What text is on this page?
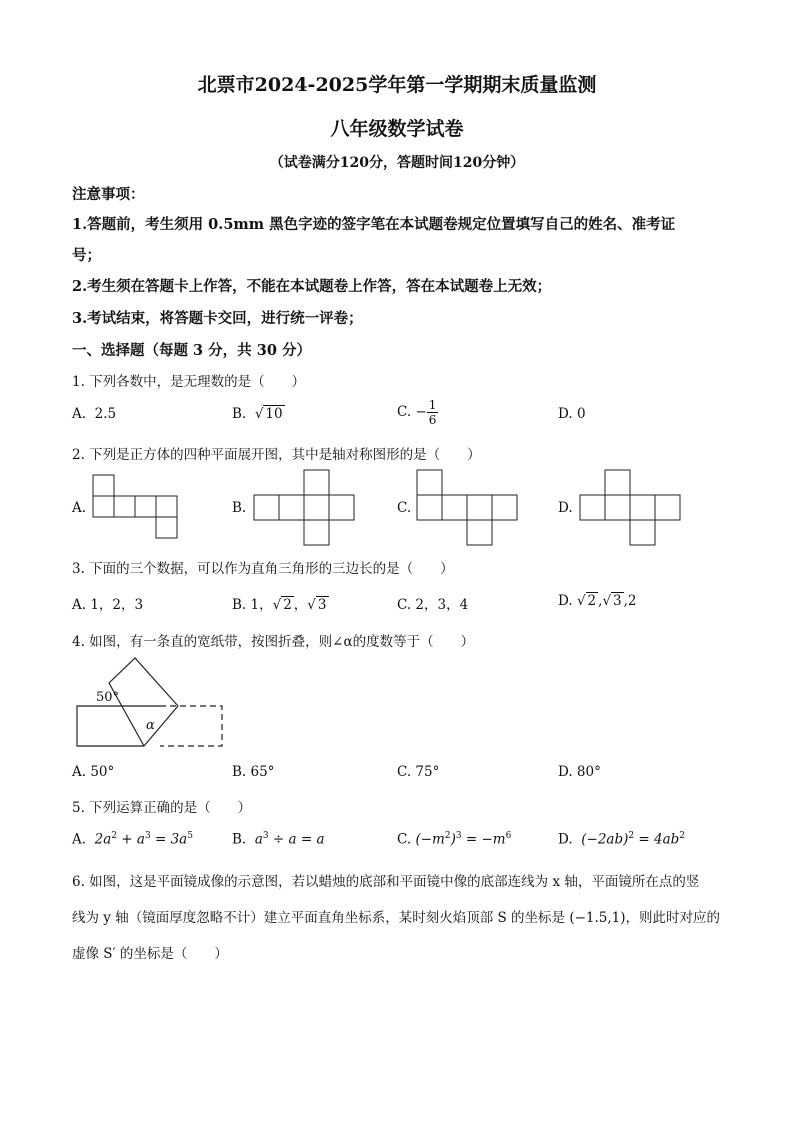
北票市2024-2025学年第一学期期末质量监测
八年级数学试卷
（试卷满分120分，答题时间120分钟）
注意事项：
1.答题前，考生须用 0.5mm 黑色字迹的签字笔在本试题卷规定位置填写自己的姓名、准考证
号；
2.考生须在答题卡上作答，不能在本试题卷上作答，答在本试题卷上无效；
3.考试结束，将答题卡交回，进行统一评卷；
一、选择题（每题 3 分，共 30 分）
1. 下列各数中，是无理数的是（　　）
A. 2.5	B. √ 10	C. − $\frac{1}{6}$	D. 0
2. 下列是正方体的四种平面展开图，其中是轴对称图形的是（　　）
A.	B.	C.	D.
3. 下面的三个数据，可以作为直角三角形的三边长的是（　　）
A. 1，2，3	B. 1，√ 2 ，√ 3	C. 2，3，4	D. √ 2 ,√ 3 ,2
4. 如图，有一条直的宽纸带，按图折叠，则∠α的度数等于（　　）
50°
α
A. 50°	B. 65°	C. 75°	D. 80°
5. 下列运算正确的是（　　）
A. $2a^2 + a^3 = 3a^5$	B. $a^3 \div a = a$	C. $(-m^2)^3 = -m^6$	D. $(-2ab)^2 = 4ab^2$
6. 如图，这是平面镜成像的示意图，若以蜡烛的底部和平面镜中像的底部连线为 x 轴，平面镜所在点的竖
线为 y 轴（镜面厚度忽略不计）建立平面直角坐标系，某时刻火焰顶部 S 的坐标是 (−1.5,1)，则此时对应的
虚像 S′ 的坐标是（　　）
